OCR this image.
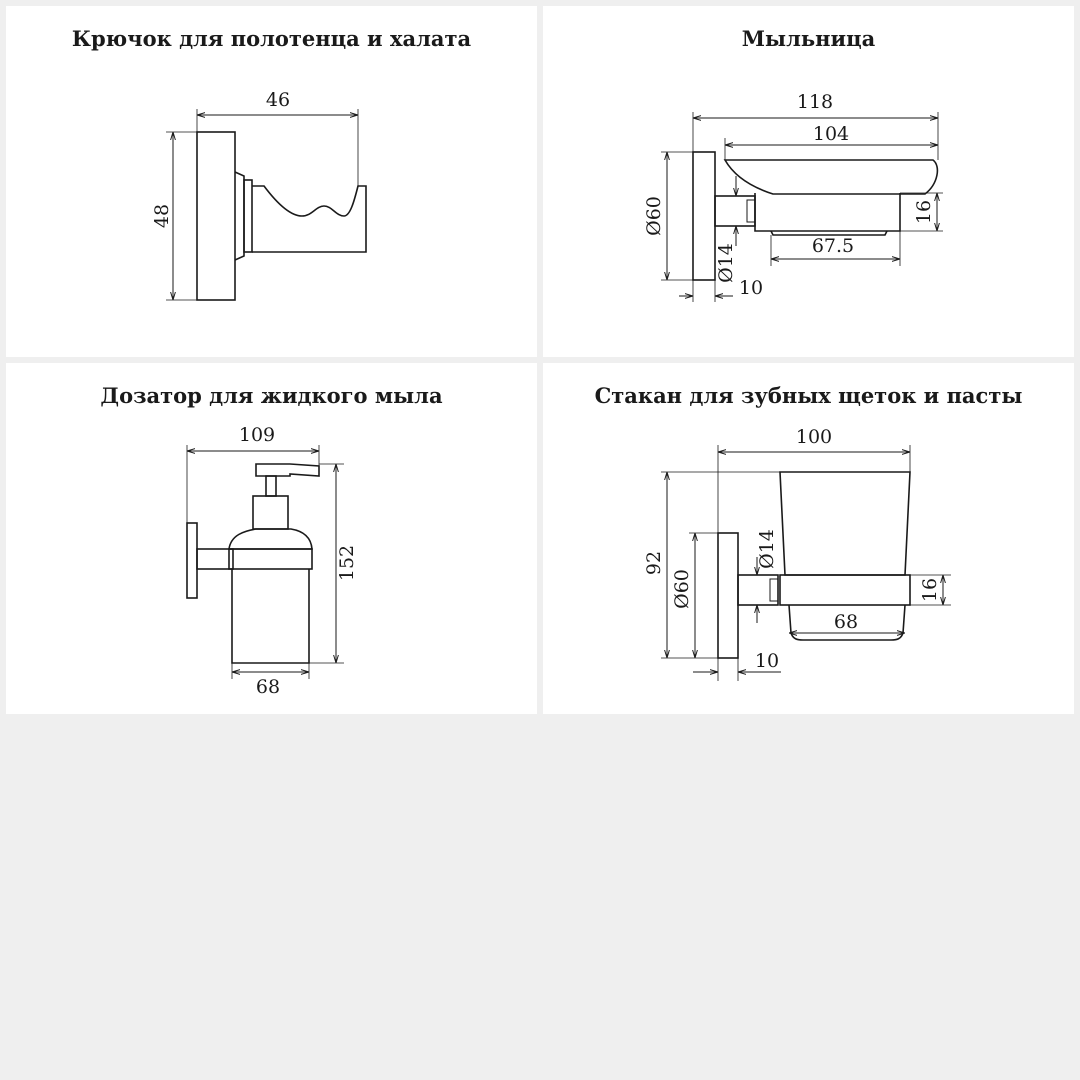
Крючок для полотенца и халата
46
48
Мыльница
118
104
Ø60
Ø14
16
67.5
10
Дозатор для жидкого мыла
109
152
68
Стакан для зубных щеток и пасты
100
92
Ø60
Ø14
16
68
10
